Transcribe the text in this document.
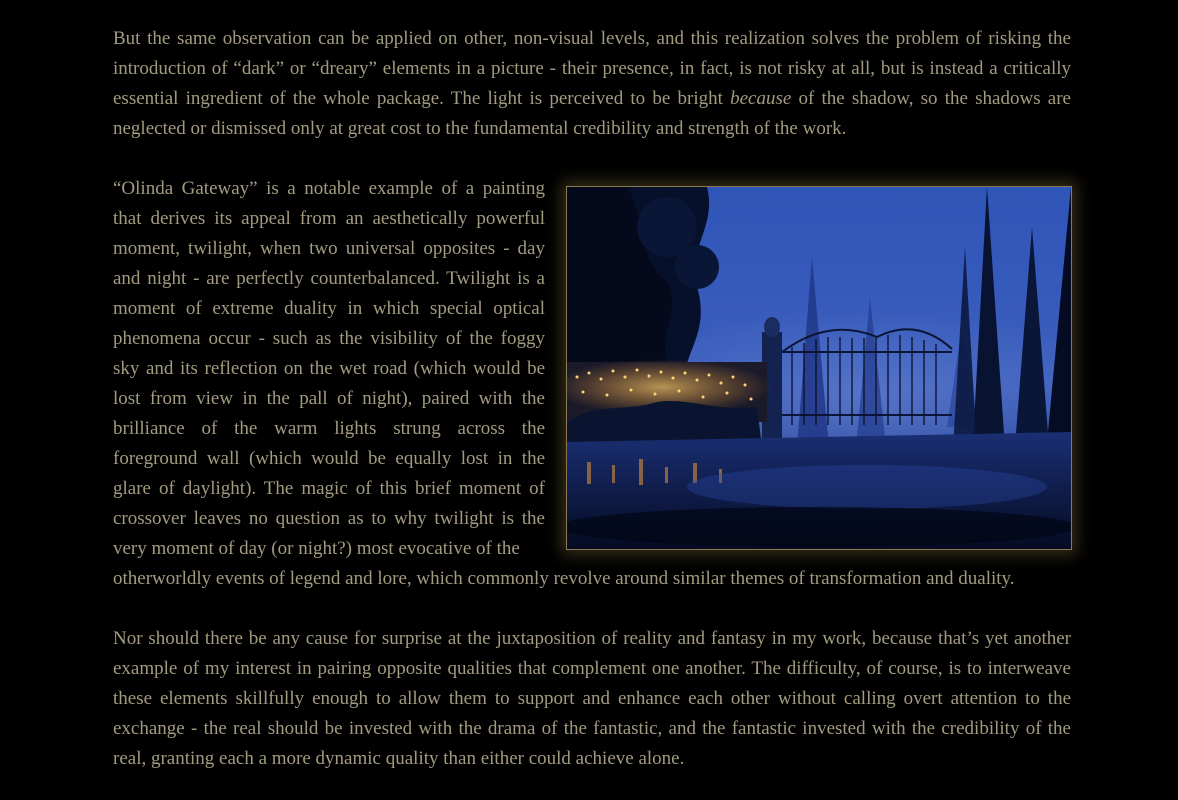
But the same observation can be applied on other, non-visual levels, and this realization solves the problem of risking the introduction of “dark” or “dreary” elements in a picture - their presence, in fact, is not risky at all, but is instead a critically essential ingredient of the whole package. The light is perceived to be bright because of the shadow, so the shadows are neglected or dismissed only at great cost to the fundamental credibility and strength of the work.

“Olinda Gateway” is a notable example of a painting that derives its appeal from an aesthetically powerful moment, twilight, when two universal opposites - day and night - are perfectly counterbalanced. Twilight is a moment of extreme duality in which special optical phenomena occur - such as the visibility of the foggy sky and its reflection on the wet road (which would be lost from view in the pall of night), paired with the brilliance of the warm lights strung across the foreground wall (which would be equally lost in the glare of daylight). The magic of this brief moment of crossover leaves no question as to why twilight is the very moment of day (or night?) most evocative of the
otherworldly events of legend and lore, which commonly revolve around similar themes of transformation and duality.

Nor should there be any cause for surprise at the juxtaposition of reality and fantasy in my work, because that’s yet another example of my interest in pairing opposite qualities that complement one another. The difficulty, of course, is to interweave these elements skillfully enough to allow them to support and enhance each other without calling overt attention to the exchange - the real should be invested with the drama of the fantastic, and the fantastic invested with the credibility of the real, granting each a more dynamic quality than either could achieve alone.
